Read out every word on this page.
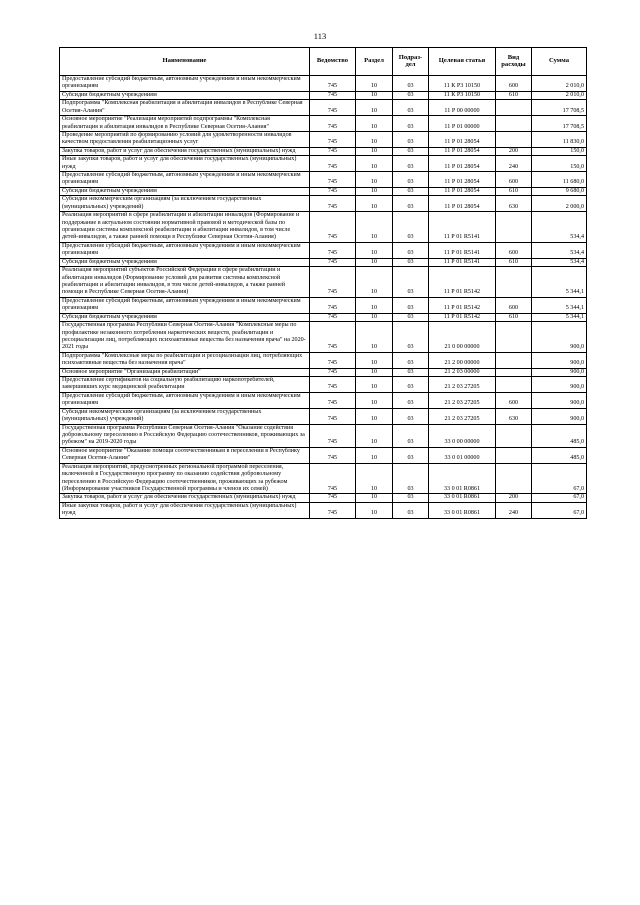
113
Наименование	Ведомство	Раздел	Подраз-дел	Целевая статья	Вид расходы	Сумма
Предоставление субсидий бюджетным, автономным учреждениям и иным некоммерческим организациям	745	10	03	11 К Р3 10150	600	2 010,0
Субсидии бюджетным учреждениям	745	10	03	11 К Р3 10150	610	2 010,0
Подпрограмма "Комплексная реабилитация и абилитация инвалидов в Республике Северная Осетия-Алания"	745	10	03	11 Р 00 00000		17 708,5
Основное мероприятие "Реализация мероприятий подпрограммы "Комплексная реабилитация и абилитация инвалидов в Республике Северная Осетия-Алания"	745	10	03	11 Р 01 00000		17 708,5
Проведение мероприятий по формированию условий для удовлетворенности инвалидов качеством предоставления реабилитационных услуг	745	10	03	11 Р 01 28054		11 830,0
Закупка товаров, работ и услуг для обеспечения государственных (муниципальных) нужд	745	10	03	11 Р 01 28054	200	150,0
Иные закупки товаров, работ и услуг для обеспечения государственных (муниципальных) нужд	745	10	03	11 Р 01 28054	240	150,0
Предоставление субсидий бюджетным, автономным учреждениям и иным некоммерческим организациям	745	10	03	11 Р 01 28054	600	11 680,0
Субсидии бюджетным учреждениям	745	10	03	11 Р 01 28054	610	9 680,0
Субсидии некоммерческим организациям (за исключением государственных (муниципальных) учреждений)	745	10	03	11 Р 01 28054	630	2 000,0
Реализация мероприятий в сфере реабилитации и абилитации инвалидов (Формирование и поддержание в актуальном состоянии нормативной правовой и методической базы по организации системы комплексной реабилитации и абилитации инвалидов, в том числе детей-инвалидов, а также ранней помощи в Республике Северная Осетия-Алания)	745	10	03	11 Р 01 R5141		534,4
Предоставление субсидий бюджетным, автономным учреждениям и иным некоммерческим организациям	745	10	03	11 Р 01 R5141	600	534,4
Субсидии бюджетным учреждениям	745	10	03	11 Р 01 R5141	610	534,4
Реализация мероприятий субъектов Российской Федерации в сфере реабилитации и абилитации инвалидов (Формирование условий для развития системы комплексной реабилитации и абилитации инвалидов, в том числе детей-инвалидов, а также ранней помощи в Республике Северная Осетия-Алания)	745	10	03	11 Р 01 R5142		5 344,1
Предоставление субсидий бюджетным, автономным учреждениям и иным некоммерческим организациям	745	10	03	11 Р 01 R5142	600	5 344,1
Субсидии бюджетным учреждениям	745	10	03	11 Р 01 R5142	610	5 344,1
Государственная программа Республики Северная Осетия-Алания "Комплексные меры по профилактике незаконного потребления наркотических веществ, реабилитации и ресоциализации лиц, потребляющих психоактивные вещества без назначения врача" на 2020-2021 годы	745	10	03	21 0 00 00000		900,0
Подпрограмма "Комплексные меры по реабилитации и ресоциализации лиц, потребляющих психоактивные вещества без назначения врача"	745	10	03	21 2 00 00000		900,0
Основное мероприятие "Организация реабилитации"	745	10	03	21 2 03 00000		900,0
Предоставление сертификатов на социальную реабилитацию наркопотребителей, завершивших курс медицинской реабилитации	745	10	03	21 2 03 27205		900,0
Предоставление субсидий бюджетным, автономным учреждениям и иным некоммерческим организациям	745	10	03	21 2 03 27205	600	900,0
Субсидии некоммерческим организациям (за исключением государственных (муниципальных) учреждений)	745	10	03	21 2 03 27205	630	900,0
Государственная программа Республики Северная Осетия-Алания "Оказание содействия добровольному переселению в Российскую Федерацию соотечественников, проживающих за рубежом" на 2019-2020 годы	745	10	03	33 0 00 00000		485,0
Основное мероприятие "Оказание помощи соотечественникам в переселении в Республику Северная Осетия-Алания"	745	10	03	33 0 01 00000		485,0
Реализация мероприятий, предусмотренных региональной программой переселения, включенной в Государственную программу по оказанию содействия добровольному переселению в Российскую Федерацию соотечественников, проживающих за рубежом (Информирование участников Государственной программы и членов их семей)	745	10	03	33 0 01 R0861		67,0
Закупка товаров, работ и услуг для обеспечения государственных (муниципальных) нужд	745	10	03	33 0 01 R0861	200	67,0
Иные закупки товаров, работ и услуг для обеспечения государственных (муниципальных) нужд	745	10	03	33 0 01 R0861	240	67,0
